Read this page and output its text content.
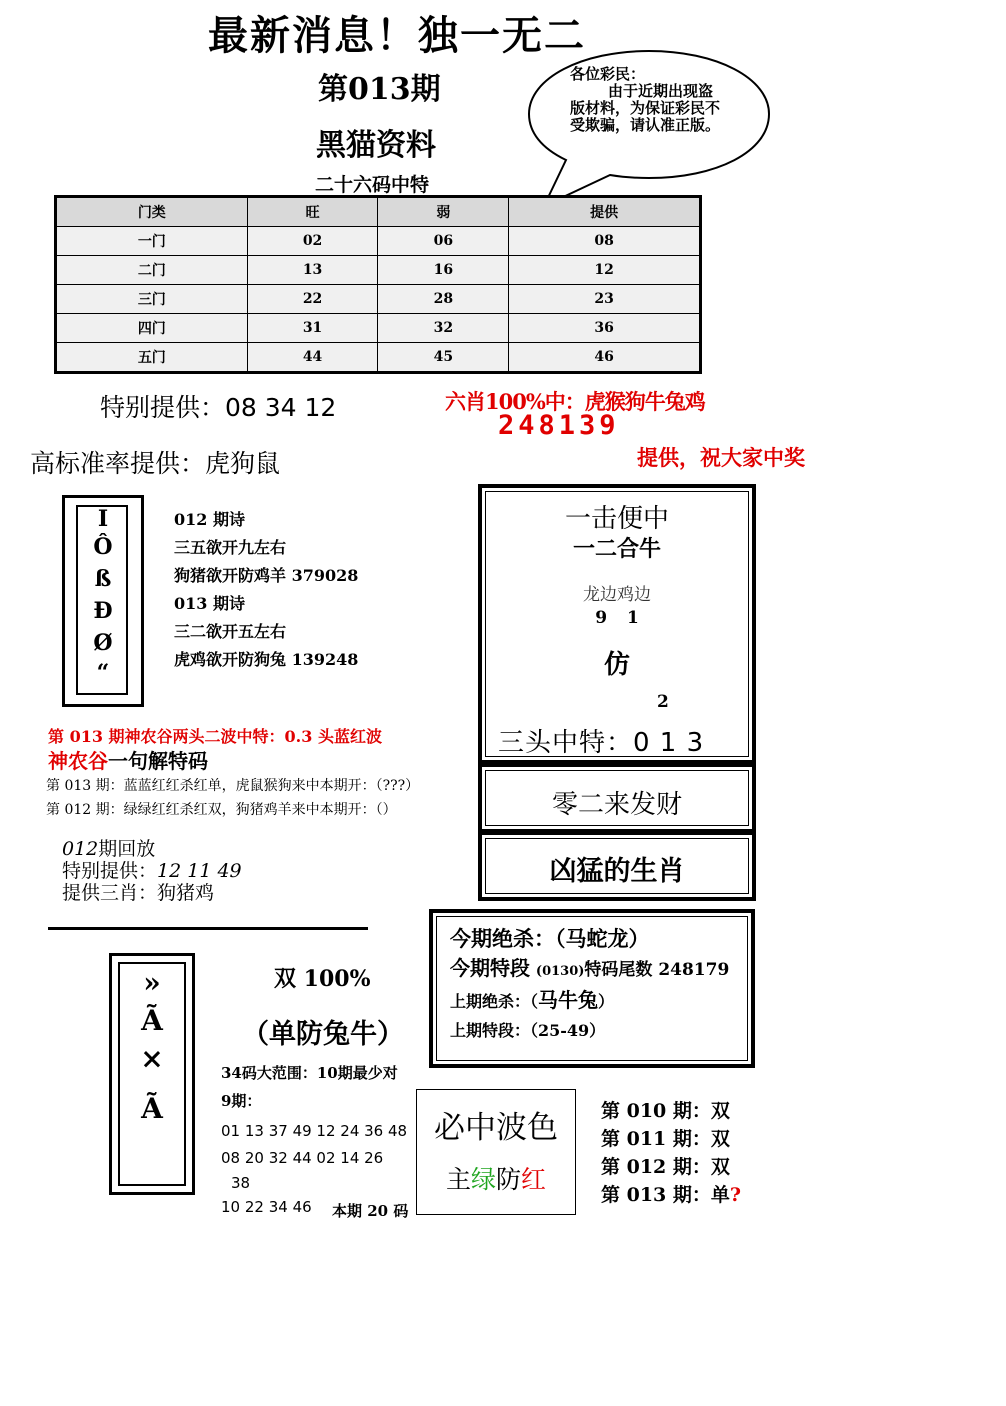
最新消息！独一无二
第013期
黑猫资料
二十六码中特
各位彩民：
由于近期出现盗版材料，为保证彩民不受欺骗，请认准正版。
门类	旺	弱	提供
一门	02	06	08
二门	13	16	12
三门	22	28	23
四门	31	32	36
五门	44	45	46
特别提供：08 34 12	六肖100%中：虎猴狗牛兔鸡
248139
提供，祝大家中奖
高标准率提供：虎狗鼠
I
Ô
ß
Ð
Ø
“
012 期诗
三五欲开九左右
狗猪欲开防鸡羊 379028
013 期诗
三二欲开五左右
虎鸡欲开防狗兔 139248
第 013 期神农谷两头二波中特：0.3 头蓝红波
神农谷一句解特码
第 013 期：蓝蓝红红杀红单，虎鼠猴狗来中本期开：（???）
第 012 期：绿绿红红杀红双，狗猪鸡羊来中本期开：（）
012期回放
特别提供：12 11 49
提供三肖：狗猪鸡
一击便中
一二合牛
龙边鸡边
9 1
仿
2
三头中特：0 1 3
零二来发财
凶猛的生肖
今期绝杀：（马蛇龙）
今期特段 (0130)特码尾数 248179
上期绝杀：（马牛兔）
上期特段：（25-49）
»
Ã
×
Ã
双 100%
（单防兔牛）
34码大范围：10期最少对
9期：
01 13 37 49 12 24 36 48
08 20 32 44 02 14 26
38
10 22 34 46	本期 20 码
必中波色
主绿防红
第 010 期：双
第 011 期：双
第 012 期：双
第 013 期：单?
